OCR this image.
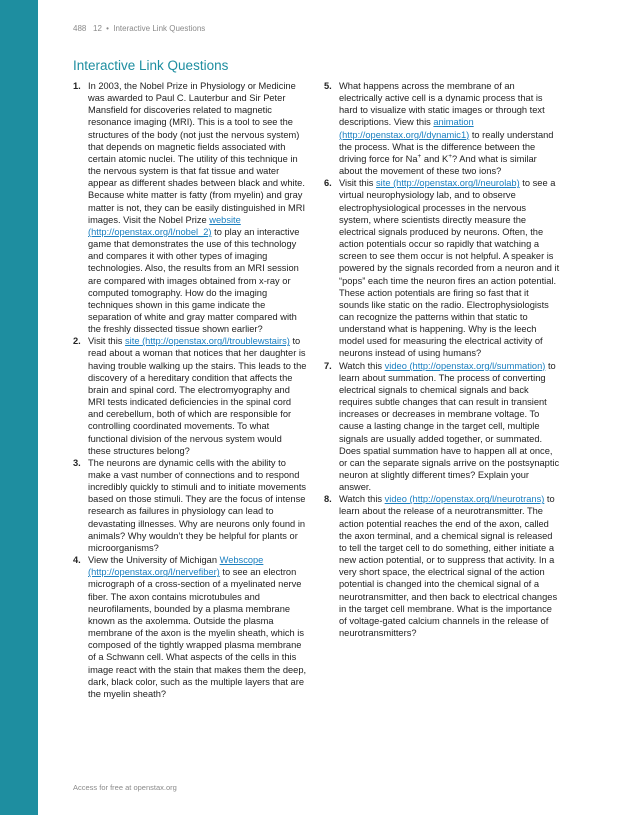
488 12 • Interactive Link Questions
Interactive Link Questions
1. In 2003, the Nobel Prize in Physiology or Medicine was awarded to Paul C. Lauterbur and Sir Peter Mansfield for discoveries related to magnetic resonance imaging (MRI). This is a tool to see the structures of the body (not just the nervous system) that depends on magnetic fields associated with certain atomic nuclei. The utility of this technique in the nervous system is that fat tissue and water appear as different shades between black and white. Because white matter is fatty (from myelin) and gray matter is not, they can be easily distinguished in MRI images. Visit the Nobel Prize website (http://openstax.org/l/nobel_2) to play an interactive game that demonstrates the use of this technology and compares it with other types of imaging technologies. Also, the results from an MRI session are compared with images obtained from x-ray or computed tomography. How do the imaging techniques shown in this game indicate the separation of white and gray matter compared with the freshly dissected tissue shown earlier?
2. Visit this site (http://openstax.org/l/troublewstairs) to read about a woman that notices that her daughter is having trouble walking up the stairs. This leads to the discovery of a hereditary condition that affects the brain and spinal cord. The electromyography and MRI tests indicated deficiencies in the spinal cord and cerebellum, both of which are responsible for controlling coordinated movements. To what functional division of the nervous system would these structures belong?
3. The neurons are dynamic cells with the ability to make a vast number of connections and to respond incredibly quickly to stimuli and to initiate movements based on those stimuli. They are the focus of intense research as failures in physiology can lead to devastating illnesses. Why are neurons only found in animals? Why wouldn’t they be helpful for plants or microorganisms?
4. View the University of Michigan Webscope (http://openstax.org/l/nervefiber) to see an electron micrograph of a cross-section of a myelinated nerve fiber. The axon contains microtubules and neurofilaments, bounded by a plasma membrane known as the axolemma. Outside the plasma membrane of the axon is the myelin sheath, which is composed of the tightly wrapped plasma membrane of a Schwann cell. What aspects of the cells in this image react with the stain that makes them the deep, dark, black color, such as the multiple layers that are the myelin sheath?
5. What happens across the membrane of an electrically active cell is a dynamic process that is hard to visualize with static images or through text descriptions. View this animation (http://openstax.org/l/dynamic1) to really understand the process. What is the difference between the driving force for Na+ and K+? And what is similar about the movement of these two ions?
6. Visit this site (http://openstax.org/l/neurolab) to see a virtual neurophysiology lab, and to observe electrophysiological processes in the nervous system, where scientists directly measure the electrical signals produced by neurons. Often, the action potentials occur so rapidly that watching a screen to see them occur is not helpful. A speaker is powered by the signals recorded from a neuron and it “pops” each time the neuron fires an action potential. These action potentials are firing so fast that it sounds like static on the radio. Electrophysiologists can recognize the patterns within that static to understand what is happening. Why is the leech model used for measuring the electrical activity of neurons instead of using humans?
7. Watch this video (http://openstax.org/l/summation) to learn about summation. The process of converting electrical signals to chemical signals and back requires subtle changes that can result in transient increases or decreases in membrane voltage. To cause a lasting change in the target cell, multiple signals are usually added together, or summated. Does spatial summation have to happen all at once, or can the separate signals arrive on the postsynaptic neuron at slightly different times? Explain your answer.
8. Watch this video (http://openstax.org/l/neurotrans) to learn about the release of a neurotransmitter. The action potential reaches the end of the axon, called the axon terminal, and a chemical signal is released to tell the target cell to do something, either initiate a new action potential, or to suppress that activity. In a very short space, the electrical signal of the action potential is changed into the chemical signal of a neurotransmitter, and then back to electrical changes in the target cell membrane. What is the importance of voltage-gated calcium channels in the release of neurotransmitters?
Access for free at openstax.org
